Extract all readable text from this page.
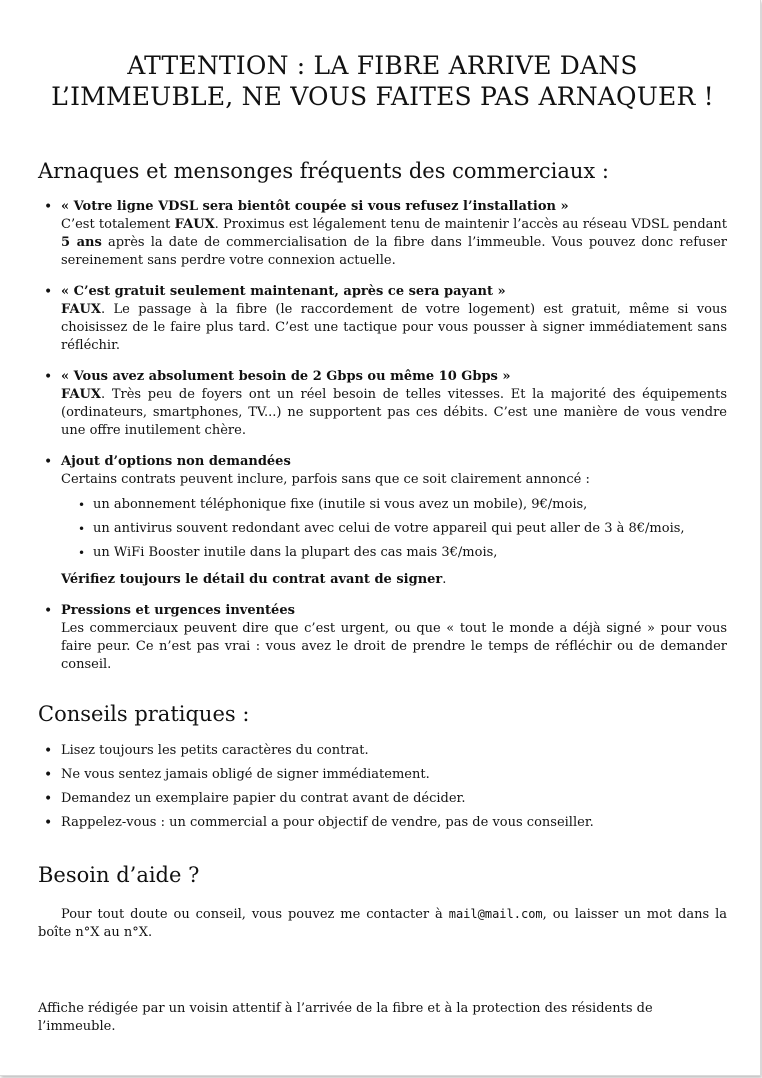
ATTENTION : LA FIBRE ARRIVE DANS
L’IMMEUBLE, NE VOUS FAITES PAS ARNAQUER !
Arnaques et mensonges fréquents des commerciaux :
• « Votre ligne VDSL sera bientôt coupée si vous refusez l’installation »
C’est totalement FAUX. Proximus est légalement tenu de maintenir l’accès au réseau VDSL pendant 5 ans après la date de commercialisation de la fibre dans l’immeuble. Vous pouvez donc refuser sereinement sans perdre votre connexion actuelle.
• « C’est gratuit seulement maintenant, après ce sera payant »
FAUX. Le passage à la fibre (le raccordement de votre logement) est gratuit, même si vous choisissez de le faire plus tard. C’est une tactique pour vous pousser à signer immédiatement sans réfléchir.
• « Vous avez absolument besoin de 2 Gbps ou même 10 Gbps »
FAUX. Très peu de foyers ont un réel besoin de telles vitesses. Et la majorité des équipements (ordinateurs, smartphones, TV...) ne supportent pas ces débits. C’est une manière de vous vendre une offre inutilement chère.
• Ajout d’options non demandées
Certains contrats peuvent inclure, parfois sans que ce soit clairement annoncé :
• un abonnement téléphonique fixe (inutile si vous avez un mobile), 9€/mois,
• un antivirus souvent redondant avec celui de votre appareil qui peut aller de 3 à 8€/mois,
• un WiFi Booster inutile dans la plupart des cas mais 3€/mois,
Vérifiez toujours le détail du contrat avant de signer.
• Pressions et urgences inventées
Les commerciaux peuvent dire que c’est urgent, ou que « tout le monde a déjà signé » pour vous faire peur. Ce n’est pas vrai : vous avez le droit de prendre le temps de réfléchir ou de demander conseil.
Conseils pratiques :
• Lisez toujours les petits caractères du contrat.
• Ne vous sentez jamais obligé de signer immédiatement.
• Demandez un exemplaire papier du contrat avant de décider.
• Rappelez-vous : un commercial a pour objectif de vendre, pas de vous conseiller.
Besoin d’aide ?

Pour tout doute ou conseil, vous pouvez me contacter à mail@mail.com, ou laisser un mot dans la boîte n°X au n°X.

Affiche rédigée par un voisin attentif à l’arrivée de la fibre et à la protection des résidents de l’immeuble.
